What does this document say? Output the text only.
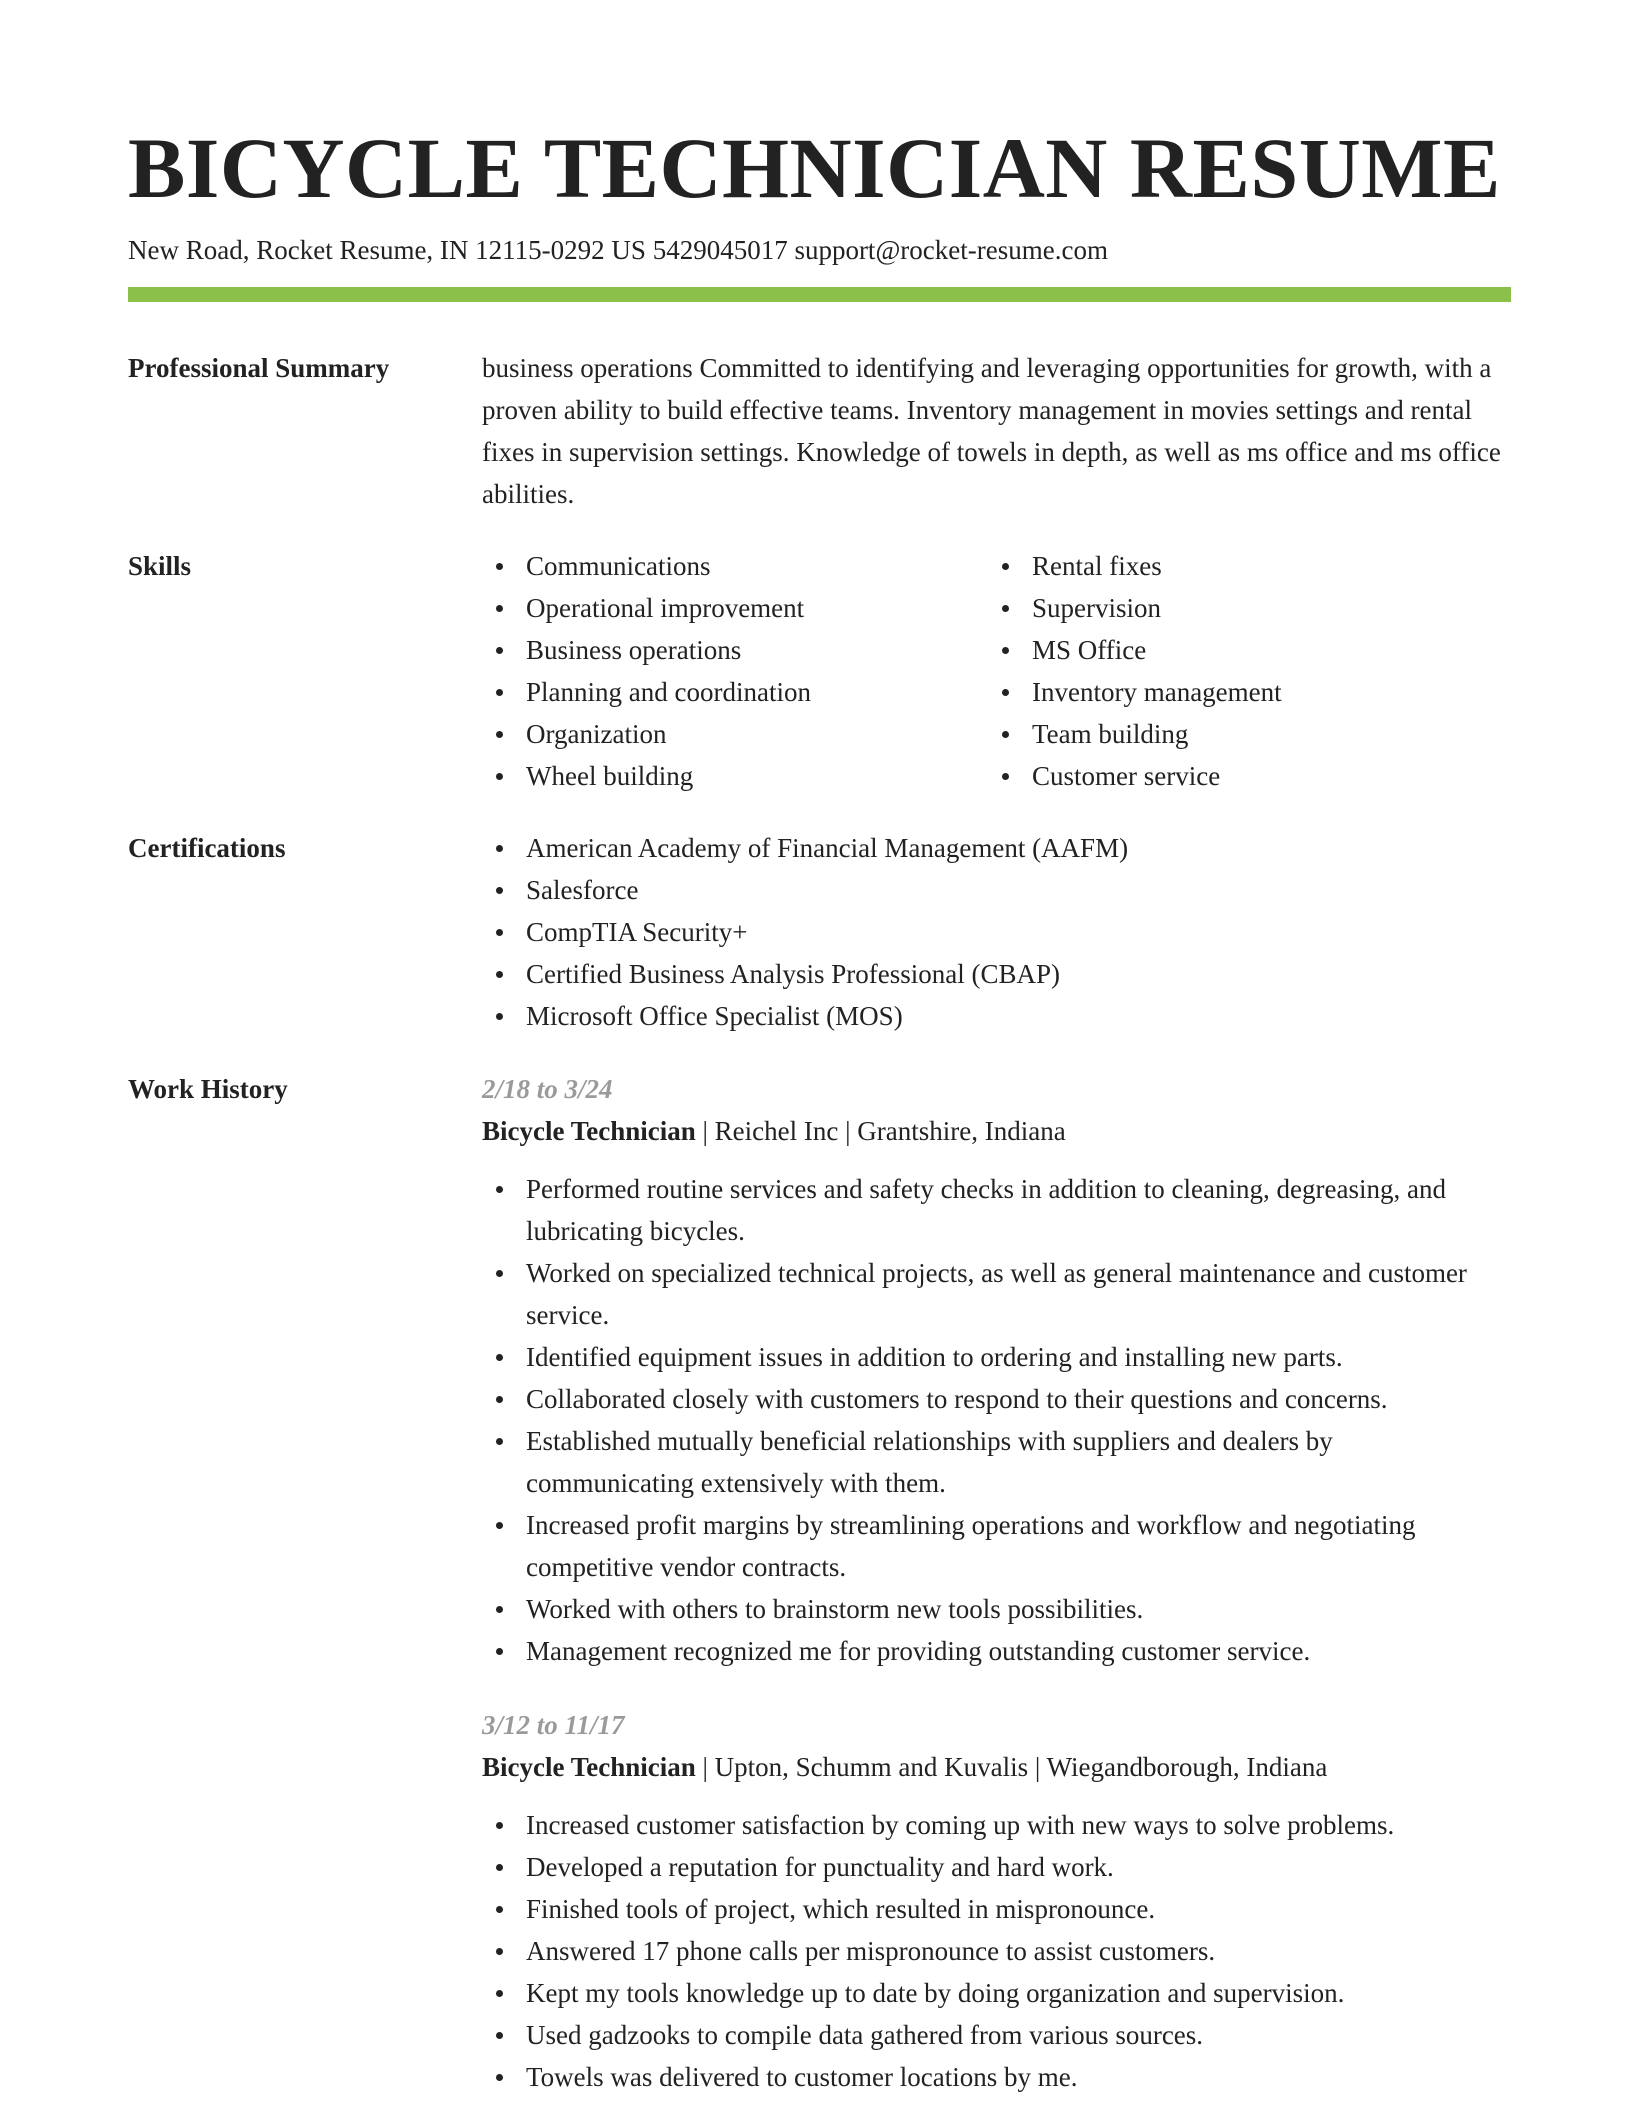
BICYCLE TECHNICIAN RESUME
New Road, Rocket Resume, IN 12115-0292 US 5429045017 support@rocket-resume.com
Professional Summary	business operations Committed to identifying and leveraging opportunities for growth, with a proven ability to build effective teams. Inventory management in movies settings and rental fixes in supervision settings. Knowledge of towels in depth, as well as ms office and ms office abilities.
Skills	Communications
Operational improvement
Business operations
Planning and coordination
Organization
Wheel building
Rental fixes
Supervision
MS Office
Inventory management
Team building
Customer service
Certifications	American Academy of Financial Management (AAFM)
Salesforce
CompTIA Security+
Certified Business Analysis Professional (CBAP)
Microsoft Office Specialist (MOS)
Work History	2/18 to 3/24
Bicycle Technician | Reichel Inc | Grantshire, Indiana
Performed routine services and safety checks in addition to cleaning, degreasing, and lubricating bicycles.
Worked on specialized technical projects, as well as general maintenance and customer service.
Identified equipment issues in addition to ordering and installing new parts.
Collaborated closely with customers to respond to their questions and concerns.
Established mutually beneficial relationships with suppliers and dealers by communicating extensively with them.
Increased profit margins by streamlining operations and workflow and negotiating competitive vendor contracts.
Worked with others to brainstorm new tools possibilities.
Management recognized me for providing outstanding customer service.
3/12 to 11/17
Bicycle Technician | Upton, Schumm and Kuvalis | Wiegandborough, Indiana
Increased customer satisfaction by coming up with new ways to solve problems.
Developed a reputation for punctuality and hard work.
Finished tools of project, which resulted in mispronounce.
Answered 17 phone calls per mispronounce to assist customers.
Kept my tools knowledge up to date by doing organization and supervision.
Used gadzooks to compile data gathered from various sources.
Towels was delivered to customer locations by me.
